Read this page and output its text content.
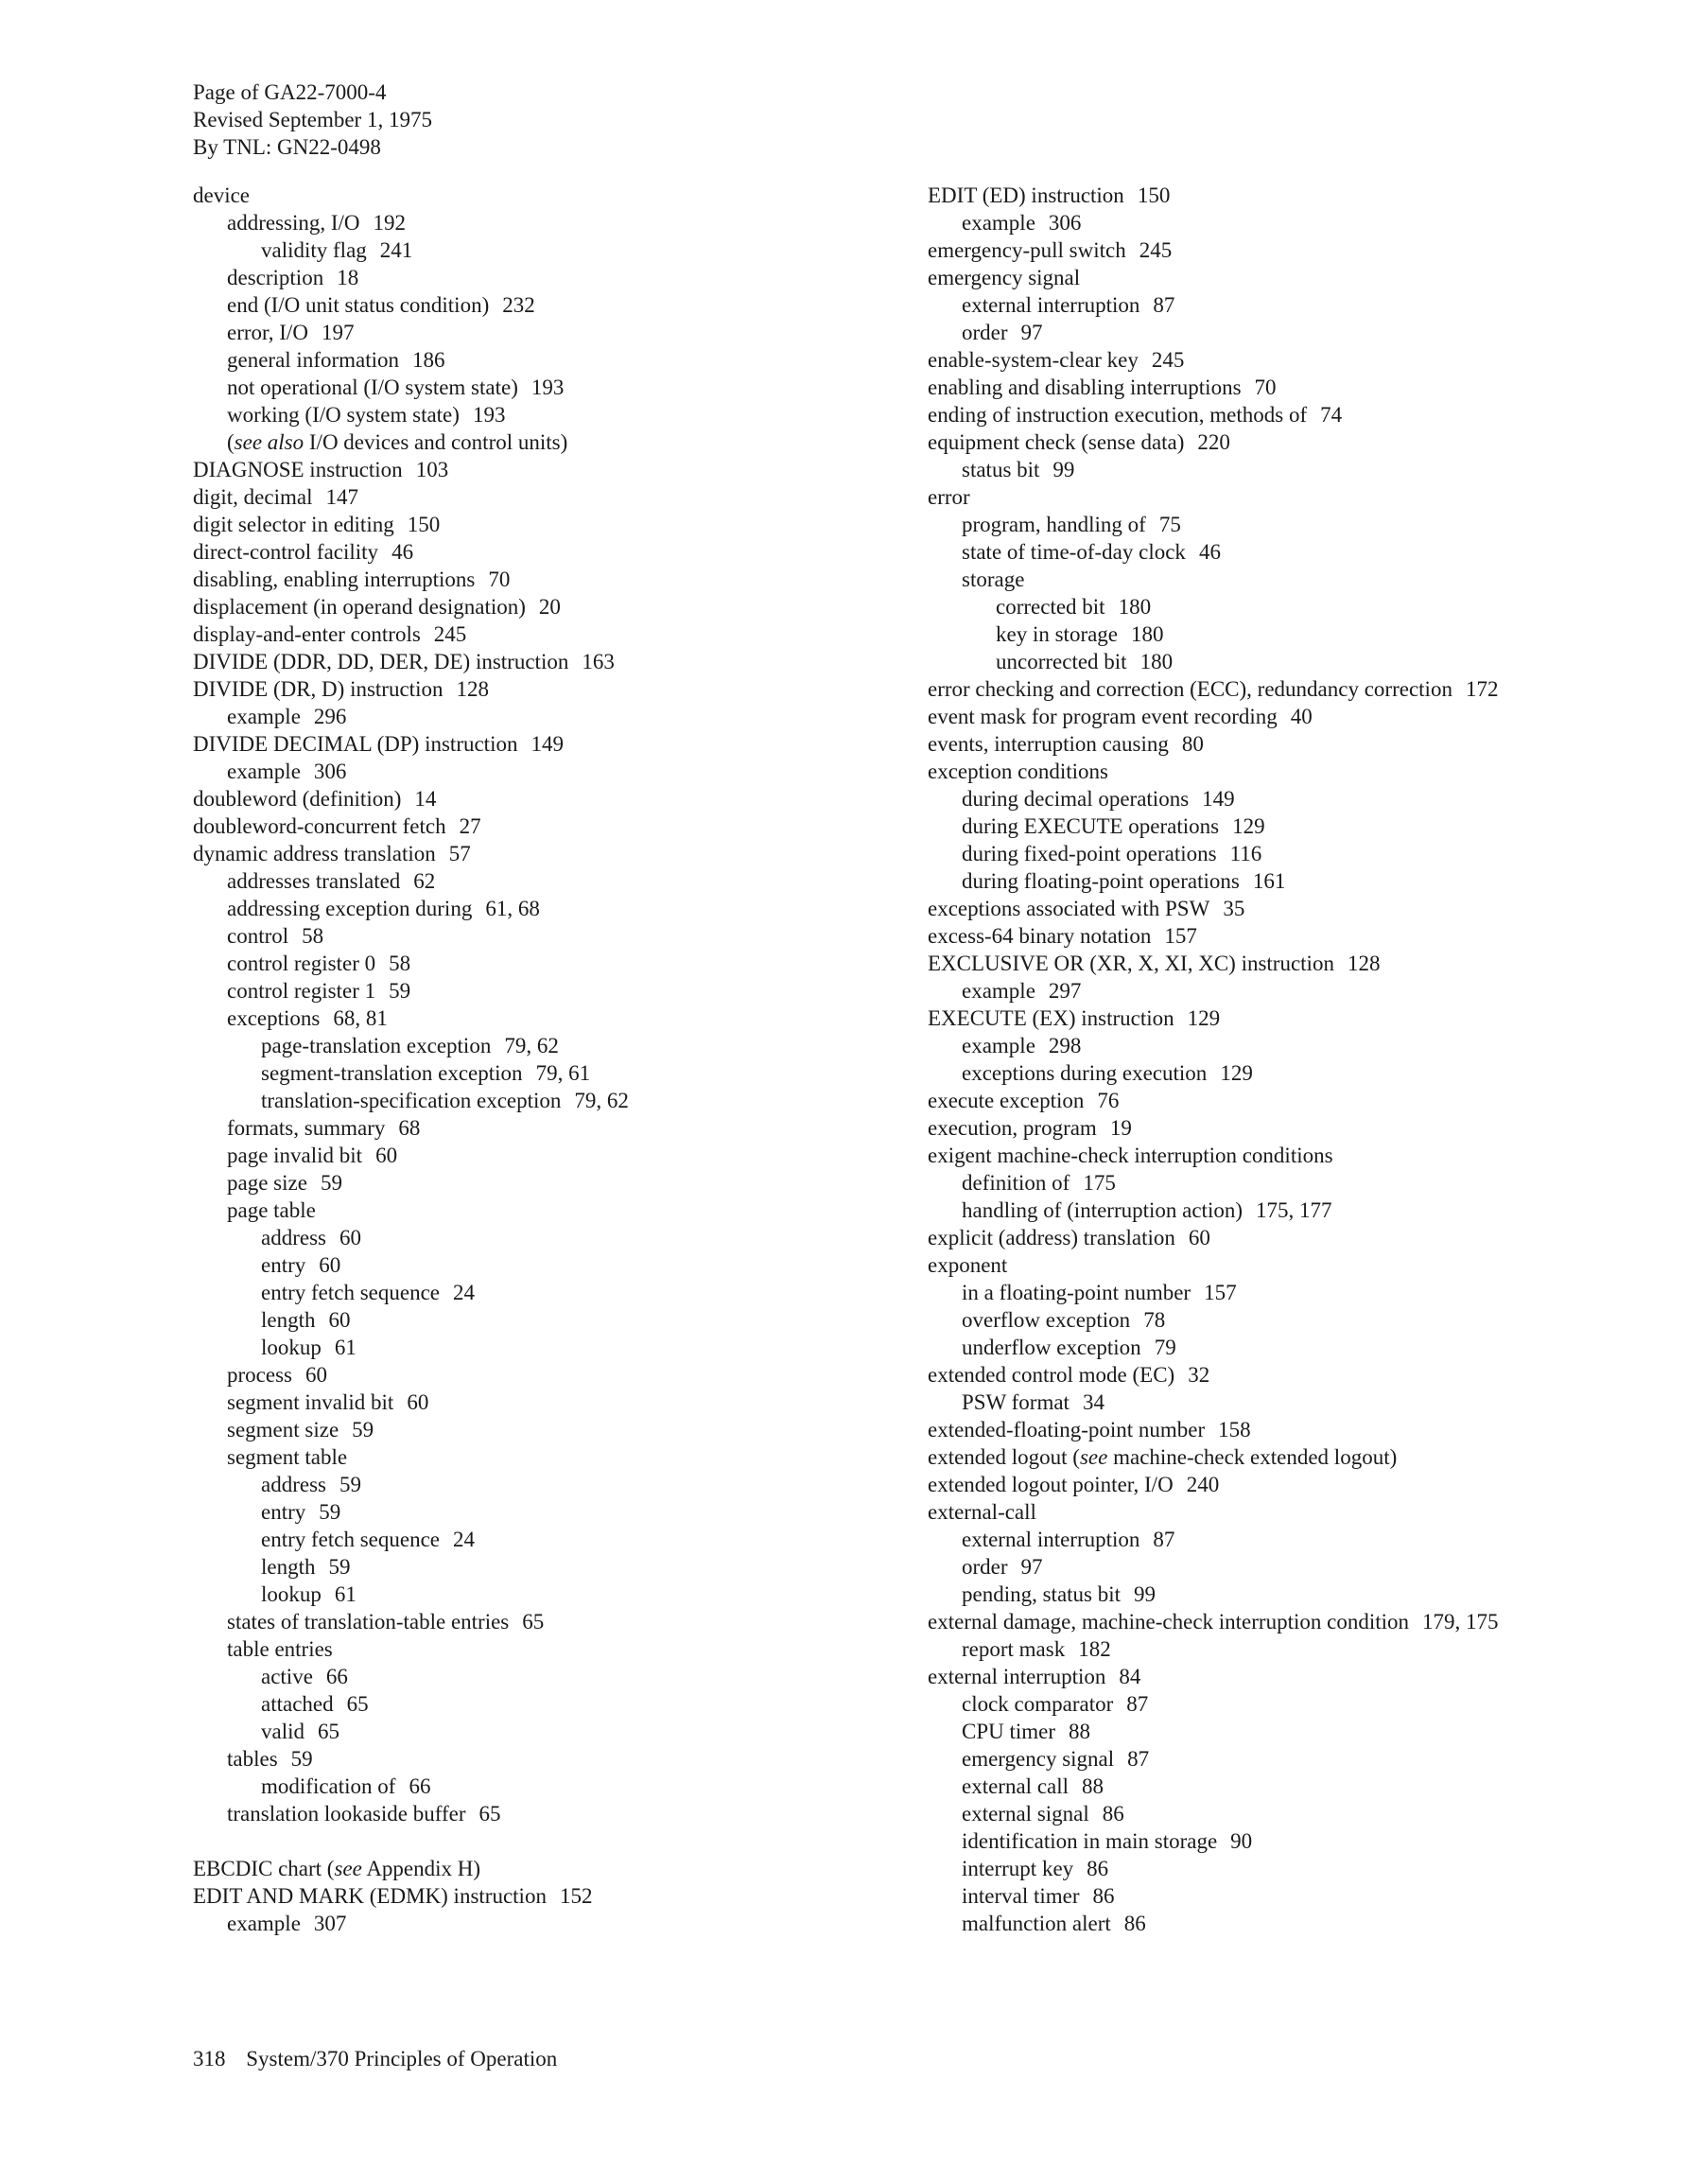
Page of GA22-7000-4
Revised September 1, 1975
By TNL: GN22-0498
device
addressing, I/O 192
validity flag 241
description 18
end (I/O unit status condition) 232
error, I/O 197
general information 186
not operational (I/O system state) 193
working (I/O system state) 193
(see also I/O devices and control units)
DIAGNOSE instruction 103
digit, decimal 147
digit selector in editing 150
direct-control facility 46
disabling, enabling interruptions 70
displacement (in operand designation) 20
display-and-enter controls 245
DIVIDE (DDR, DD, DER, DE) instruction 163
DIVIDE (DR, D) instruction 128
example 296
DIVIDE DECIMAL (DP) instruction 149
example 306
doubleword (definition) 14
doubleword-concurrent fetch 27
dynamic address translation 57
addresses translated 62
addressing exception during 61, 68
control 58
control register 0 58
control register 1 59
exceptions 68, 81
page-translation exception 79, 62
segment-translation exception 79, 61
translation-specification exception 79, 62
formats, summary 68
page invalid bit 60
page size 59
page table
address 60
entry 60
entry fetch sequence 24
length 60
lookup 61
process 60
segment invalid bit 60
segment size 59
segment table
address 59
entry 59
entry fetch sequence 24
length 59
lookup 61
states of translation-table entries 65
table entries
active 66
attached 65
valid 65
tables 59
modification of 66
translation lookaside buffer 65
EBCDIC chart (see Appendix H)
EDIT AND MARK (EDMK) instruction 152
example 307
EDIT (ED) instruction 150
example 306
emergency-pull switch 245
emergency signal
external interruption 87
order 97
enable-system-clear key 245
enabling and disabling interruptions 70
ending of instruction execution, methods of 74
equipment check (sense data) 220
status bit 99
error
program, handling of 75
state of time-of-day clock 46
storage
corrected bit 180
key in storage 180
uncorrected bit 180
error checking and correction (ECC), redundancy correction 172
event mask for program event recording 40
events, interruption causing 80
exception conditions
during decimal operations 149
during EXECUTE operations 129
during fixed-point operations 116
during floating-point operations 161
exceptions associated with PSW 35
excess-64 binary notation 157
EXCLUSIVE OR (XR, X, XI, XC) instruction 128
example 297
EXECUTE (EX) instruction 129
example 298
exceptions during execution 129
execute exception 76
execution, program 19
exigent machine-check interruption conditions
definition of 175
handling of (interruption action) 175, 177
explicit (address) translation 60
exponent
in a floating-point number 157
overflow exception 78
underflow exception 79
extended control mode (EC) 32
PSW format 34
extended-floating-point number 158
extended logout (see machine-check extended logout)
extended logout pointer, I/O 240
external-call
external interruption 87
order 97
pending, status bit 99
external damage, machine-check interruption condition 179, 175
report mask 182
external interruption 84
clock comparator 87
CPU timer 88
emergency signal 87
external call 88
external signal 86
identification in main storage 90
interrupt key 86
interval timer 86
malfunction alert 86
318 System/370 Principles of Operation
